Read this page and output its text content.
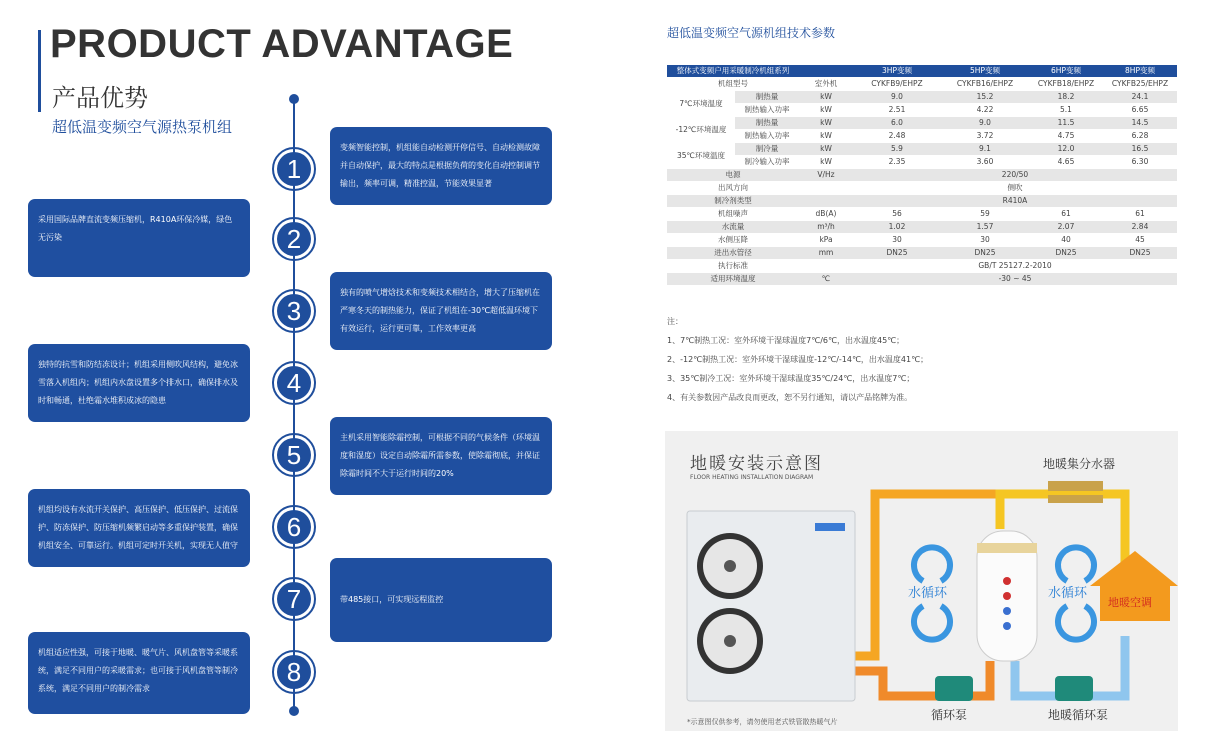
PRODUCT ADVANTAGE
产品优势
超低温变频空气源热泵机组
1
2
3
4
5
6
7
8
变频智能控制，机组能自动检测开停信号、自动检测故障并自动保护，最大的特点是根据负荷的变化自动控制调节输出，频率可调，精准控温，节能效果显著
采用国际品牌直流变频压缩机，R410A环保冷媒，绿色无污染
独有的喷气增焓技术和变频技术相结合，增大了压缩机在严寒冬天的制热能力，保证了机组在-30℃超低温环境下有效运行，运行更可靠，工作效率更高
独特的抗雪和防结冻设计；机组采用侧吹风结构，避免冰雪落入机组内；机组内水盘设置多个排水口，确保排水及时和畅通，杜绝霜水堆积成冰的隐患
主机采用智能除霜控制，可根据不同的气候条件（环境温度和湿度）设定自动除霜所需参数，使除霜彻底，并保证除霜时间不大于运行时间的20%
机组均设有水流开关保护、高压保护、低压保护、过流保护、防冻保护、防压缩机频繁启动等多重保护装置，确保机组安全、可靠运行。机组可定时开关机，实现无人值守
带485接口，可实现远程监控
机组适应性强，可接于地暖、暖气片、风机盘管等采暖系统，满足不同用户的采暖需求；也可接于风机盘管等制冷系统，满足不同用户的制冷需求
超低温变频空气源机组技术参数
整体式变频户用采暖制冷机组系列			3HP变频	5HP变频	6HP变频	8HP变频
机组型号		室外机	CYKFB9/EHPZ	CYKFB16/EHPZ	CYKFB18/EHPZ	CYKFB25/EHPZ
7℃环境温度	制热量	kW	9.0	15.2	18.2	24.1
	制热输入功率	kW	2.51	4.22	5.1	6.65
-12℃环境温度	制热量	kW	6.0	9.0	11.5	14.5
	制热输入功率	kW	2.48	3.72	4.75	6.28
35℃环境温度	制冷量	kW	5.9	9.1	12.0	16.5
	制冷输入功率	kW	2.35	3.60	4.65	6.30
电源		V/Hz	220/50			
出风方向			侧吹			
制冷剂类型			R410A			
机组噪声		dB(A)	56	59	61	61
水流量		m³/h	1.02	1.57	2.07	2.84
水侧压降		kPa	30	30	40	45
进出水管径		mm	DN25	DN25	DN25	DN25
执行标准			GB/T 25127.2-2010			
适用环境温度		℃	-30 ~ 45			
注：
1、7℃制热工况：室外环境干湿球温度7℃/6℃，出水温度45℃；
2、-12℃制热工况：室外环境干湿球温度-12℃/-14℃，出水温度41℃；
3、35℃制冷工况：室外环境干湿球温度35℃/24℃，出水温度7℃；
4、有关参数因产品改良而更改，恕不另行通知，请以产品铭牌为准。
地暖安装示意图
FLOOR HEATING INSTALLATION DIAGRAM
地暖集分水器
水循环	水循环
地暖空调
循环泵	地暖循环泵
*示意图仅供参考，请勿使用老式铁管散热暖气片
